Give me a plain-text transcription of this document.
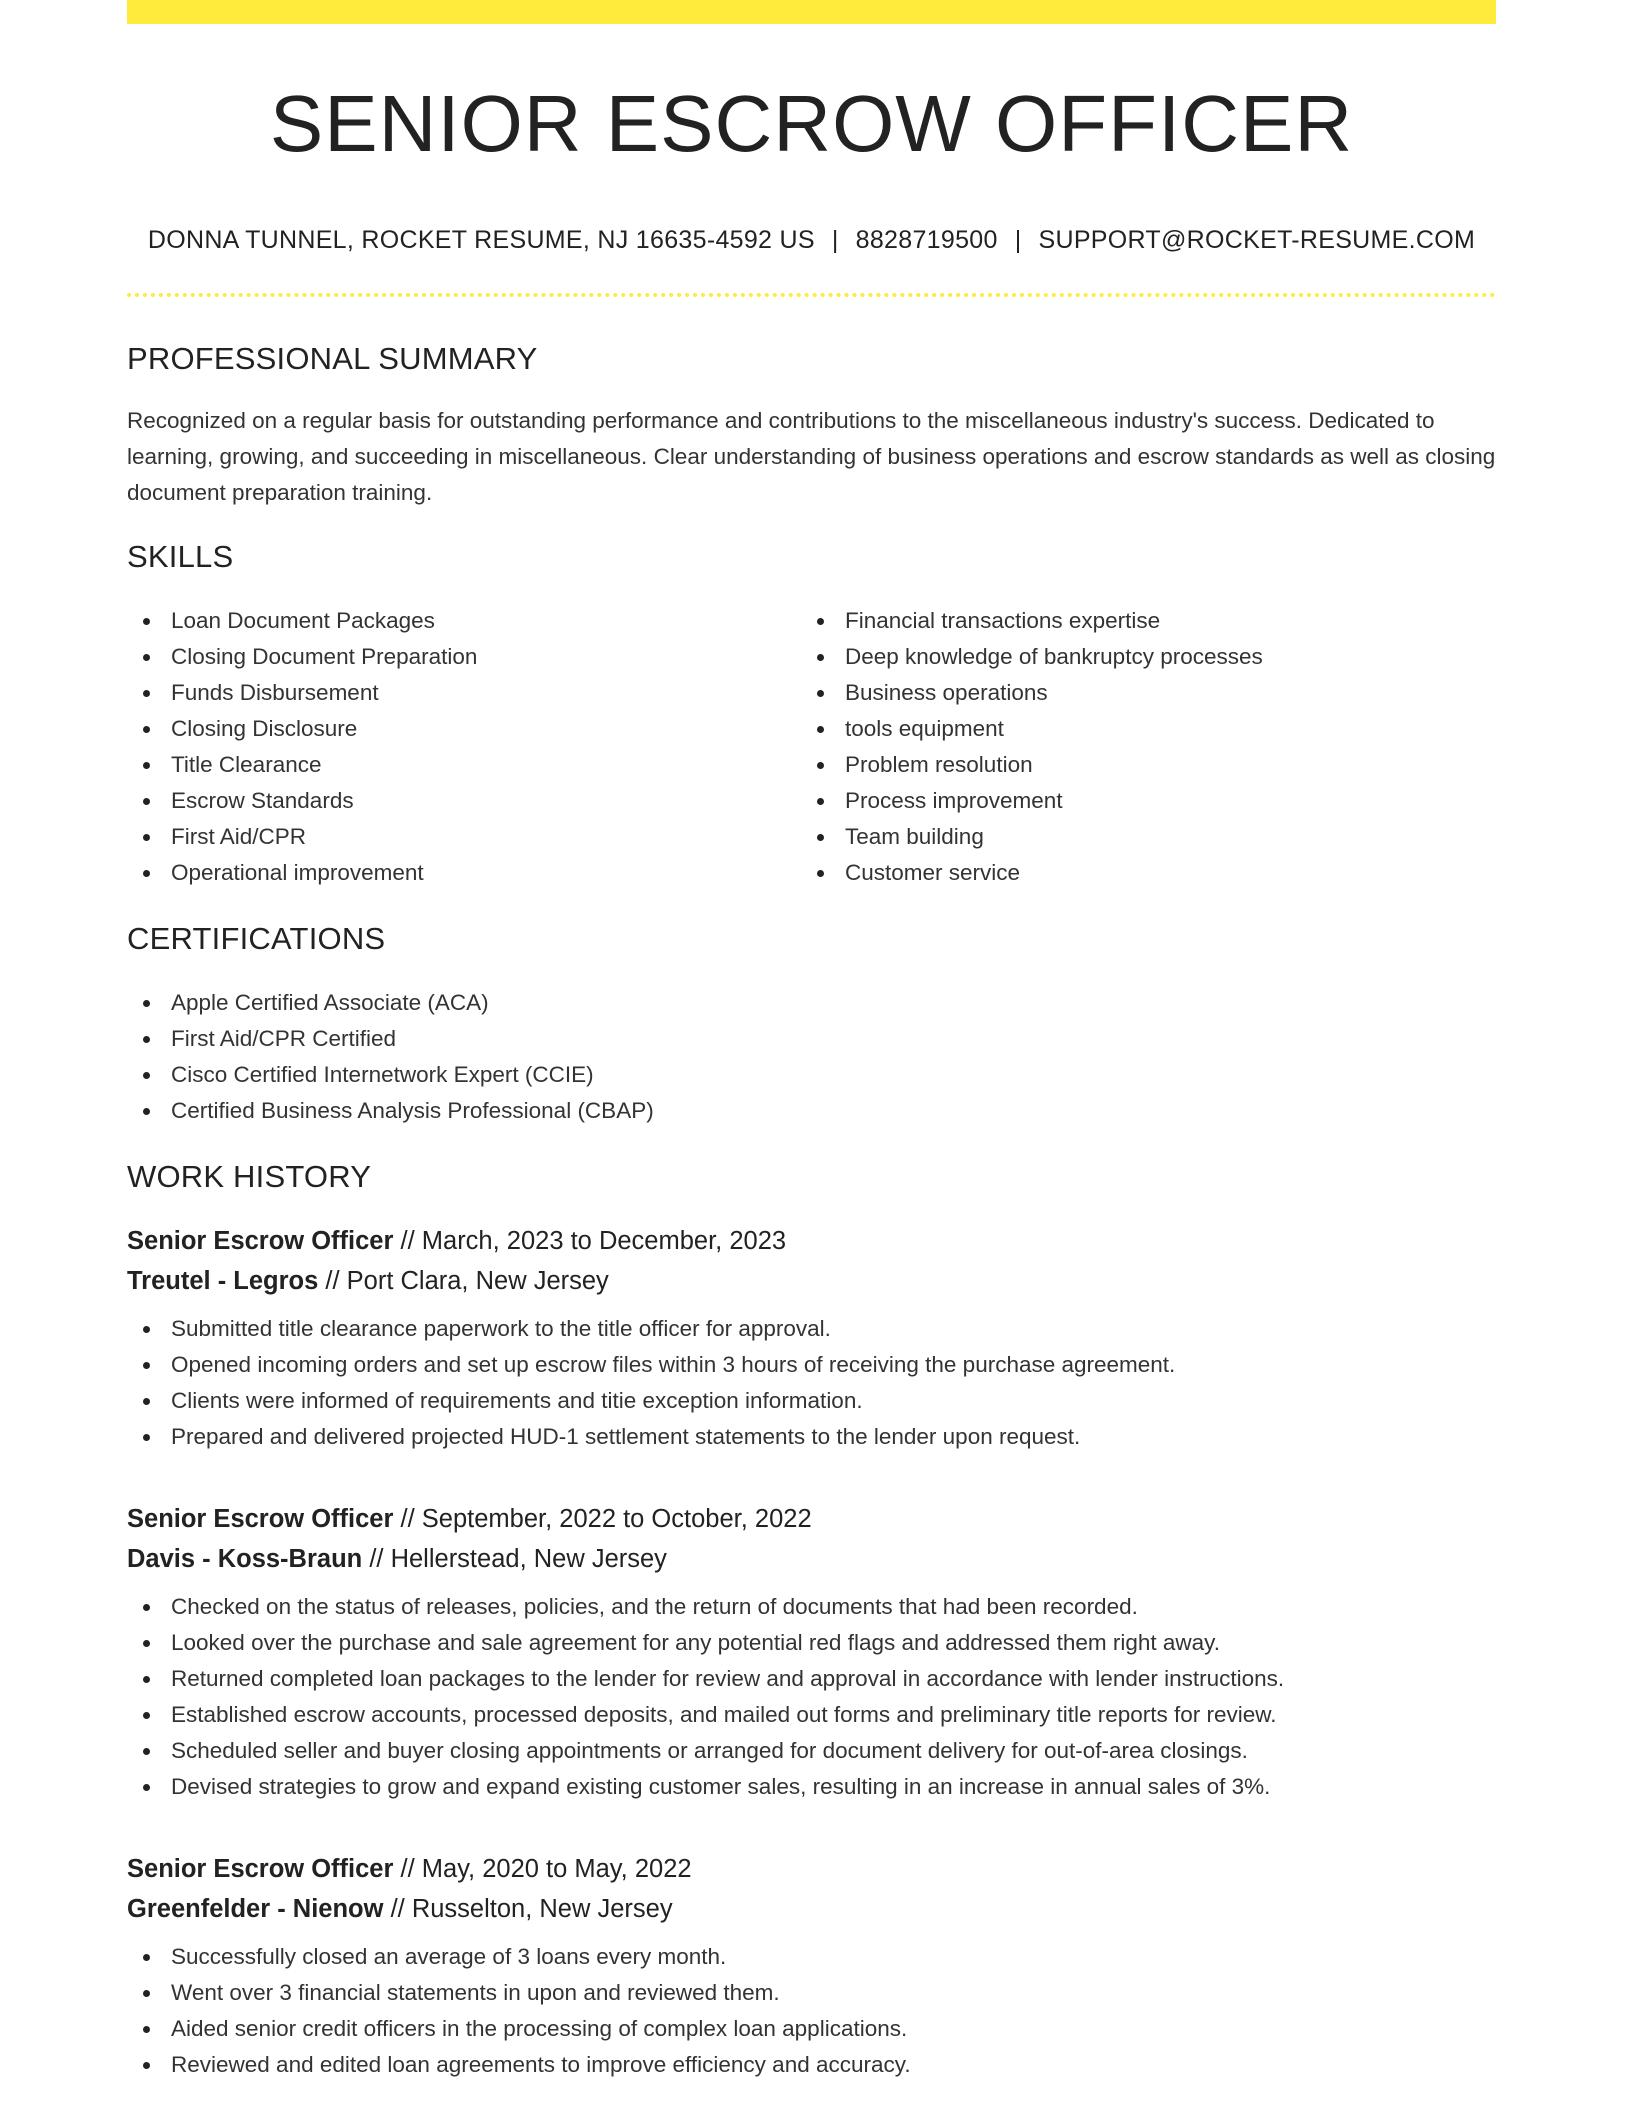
SENIOR ESCROW OFFICER
DONNA TUNNEL, ROCKET RESUME, NJ 16635-4592 US | 8828719500 | SUPPORT@ROCKET-RESUME.COM
PROFESSIONAL SUMMARY

Recognized on a regular basis for outstanding performance and contributions to the miscellaneous industry's success. Dedicated to learning, growing, and succeeding in miscellaneous. Clear understanding of business operations and escrow standards as well as closing document preparation training.

SKILLS
Loan Document Packages
Closing Document Preparation
Funds Disbursement
Closing Disclosure
Title Clearance
Escrow Standards
First Aid/CPR
Operational improvement
Financial transactions expertise
Deep knowledge of bankruptcy processes
Business operations
tools equipment
Problem resolution
Process improvement
Team building
Customer service
CERTIFICATIONS
Apple Certified Associate (ACA)
First Aid/CPR Certified
Cisco Certified Internetwork Expert (CCIE)
Certified Business Analysis Professional (CBAP)
WORK HISTORY
Senior Escrow Officer // March, 2023 to December, 2023
Treutel - Legros // Port Clara, New Jersey
Submitted title clearance paperwork to the title officer for approval.
Opened incoming orders and set up escrow files within 3 hours of receiving the purchase agreement.
Clients were informed of requirements and titie exception information.
Prepared and delivered projected HUD-1 settlement statements to the lender upon request.
Senior Escrow Officer // September, 2022 to October, 2022
Davis - Koss-Braun // Hellerstead, New Jersey
Checked on the status of releases, policies, and the return of documents that had been recorded.
Looked over the purchase and sale agreement for any potential red flags and addressed them right away.
Returned completed loan packages to the lender for review and approval in accordance with lender instructions.
Established escrow accounts, processed deposits, and mailed out forms and preliminary title reports for review.
Scheduled seller and buyer closing appointments or arranged for document delivery for out-of-area closings.
Devised strategies to grow and expand existing customer sales, resulting in an increase in annual sales of 3%.
Senior Escrow Officer // May, 2020 to May, 2022
Greenfelder - Nienow // Russelton, New Jersey
Successfully closed an average of 3 loans every month.
Went over 3 financial statements in upon and reviewed them.
Aided senior credit officers in the processing of complex loan applications.
Reviewed and edited loan agreements to improve efficiency and accuracy.
